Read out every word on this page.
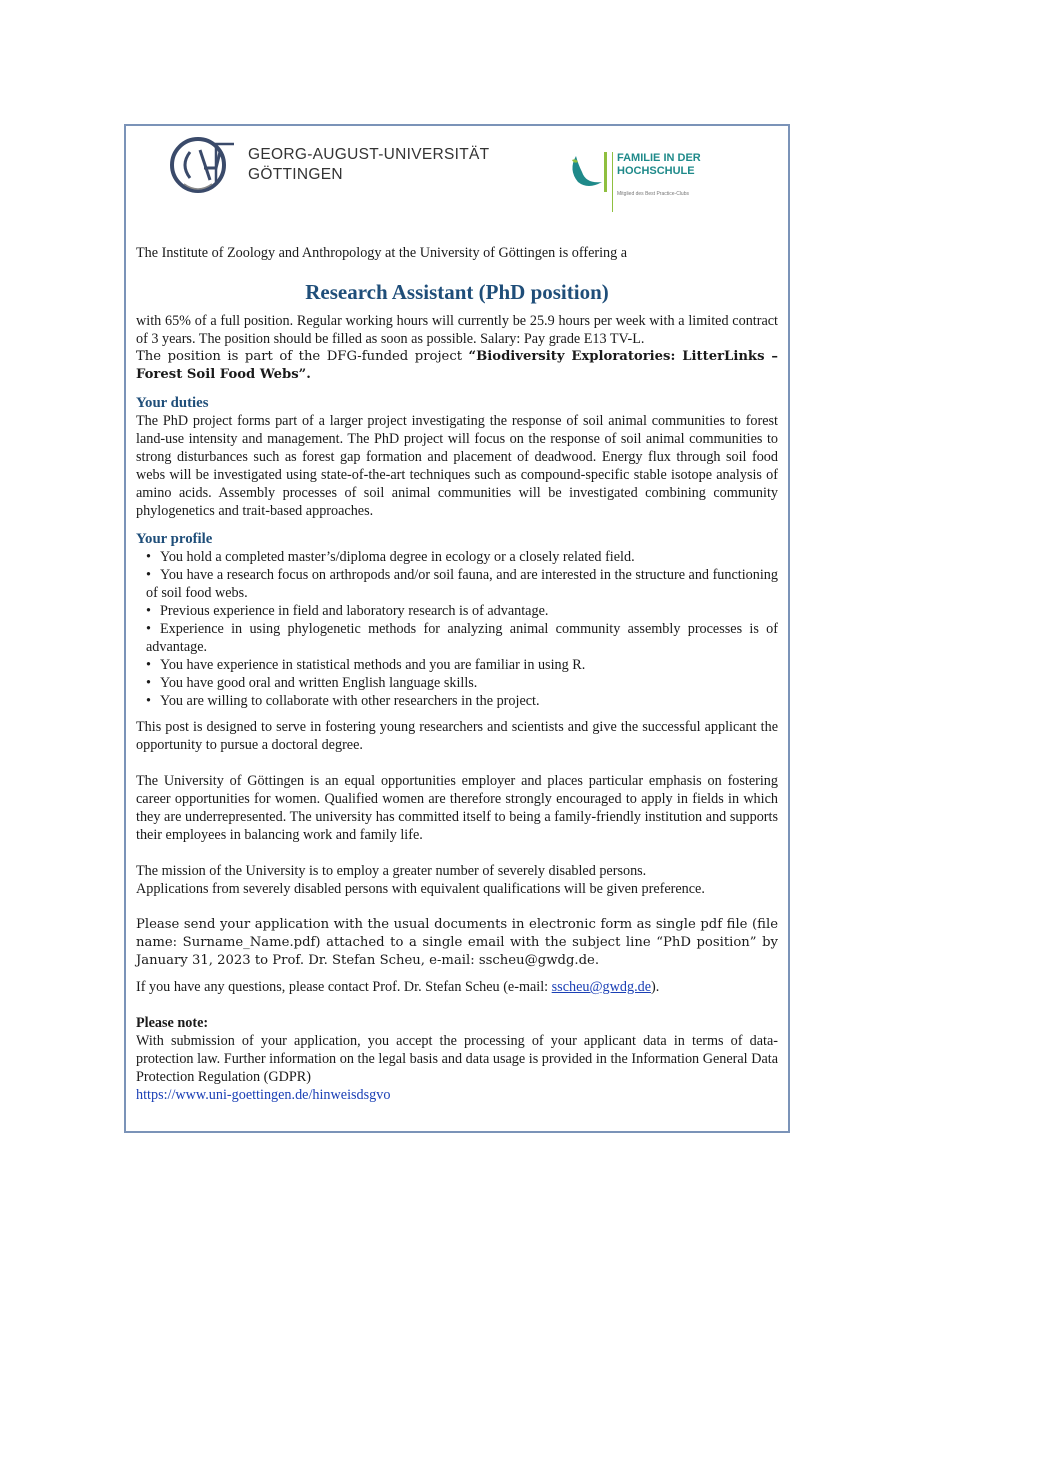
GEORG-AUGUST-UNIVERSITÄT
GÖTTINGEN
FAMILIE IN DER
HOCHSCHULE
Mitglied des Best Practice-Clubs

The Institute of Zoology and Anthropology at the University of Göttingen is offering a

Research Assistant (PhD position)

with 65% of a full position. Regular working hours will currently be 25.9 hours per week with a limited contract of 3 years. The position should be filled as soon as possible. Salary: Pay grade E13 TV-L.

The position is part of the DFG-funded project “Biodiversity Exploratories: LitterLinks – Forest Soil Food Webs”.

Your duties

The PhD project forms part of a larger project investigating the response of soil animal communities to forest land-use intensity and management. The PhD project will focus on the response of soil animal communities to strong disturbances such as forest gap formation and placement of deadwood. Energy flux through soil food webs will be investigated using state-of-the-art techniques such as compound-specific stable isotope analysis of amino acids. Assembly processes of soil animal communities will be investigated combining community phylogenetics and trait-based approaches.

Your profile
• You hold a completed master’s/diploma degree in ecology or a closely related field.
• You have a research focus on arthropods and/or soil fauna, and are interested in the structure and functioning of soil food webs.
• Previous experience in field and laboratory research is of advantage.
• Experience in using phylogenetic methods for analyzing animal community assembly processes is of advantage.
• You have experience in statistical methods and you are familiar in using R.
• You have good oral and written English language skills.
• You are willing to collaborate with other researchers in the project.

This post is designed to serve in fostering young researchers and scientists and give the successful applicant the opportunity to pursue a doctoral degree.

The University of Göttingen is an equal opportunities employer and places particular emphasis on fostering career opportunities for women. Qualified women are therefore strongly encouraged to apply in fields in which they are underrepresented. The university has committed itself to being a family-friendly institution and supports their employees in balancing work and family life.

The mission of the University is to employ a greater number of severely disabled persons.

Applications from severely disabled persons with equivalent qualifications will be given preference.

Please send your application with the usual documents in electronic form as single pdf file (file name: Surname_Name.pdf) attached to a single email with the subject line “PhD position” by January 31, 2023 to Prof. Dr. Stefan Scheu, e-mail: sscheu@gwdg.de.

If you have any questions, please contact Prof. Dr. Stefan Scheu (e-mail: sscheu@gwdg.de).

Please note:

With submission of your application, you accept the processing of your applicant data in terms of data-protection law. Further information on the legal basis and data usage is provided in the Information General Data Protection Regulation (GDPR)

https://www.uni-goettingen.de/hinweisdsgvo
